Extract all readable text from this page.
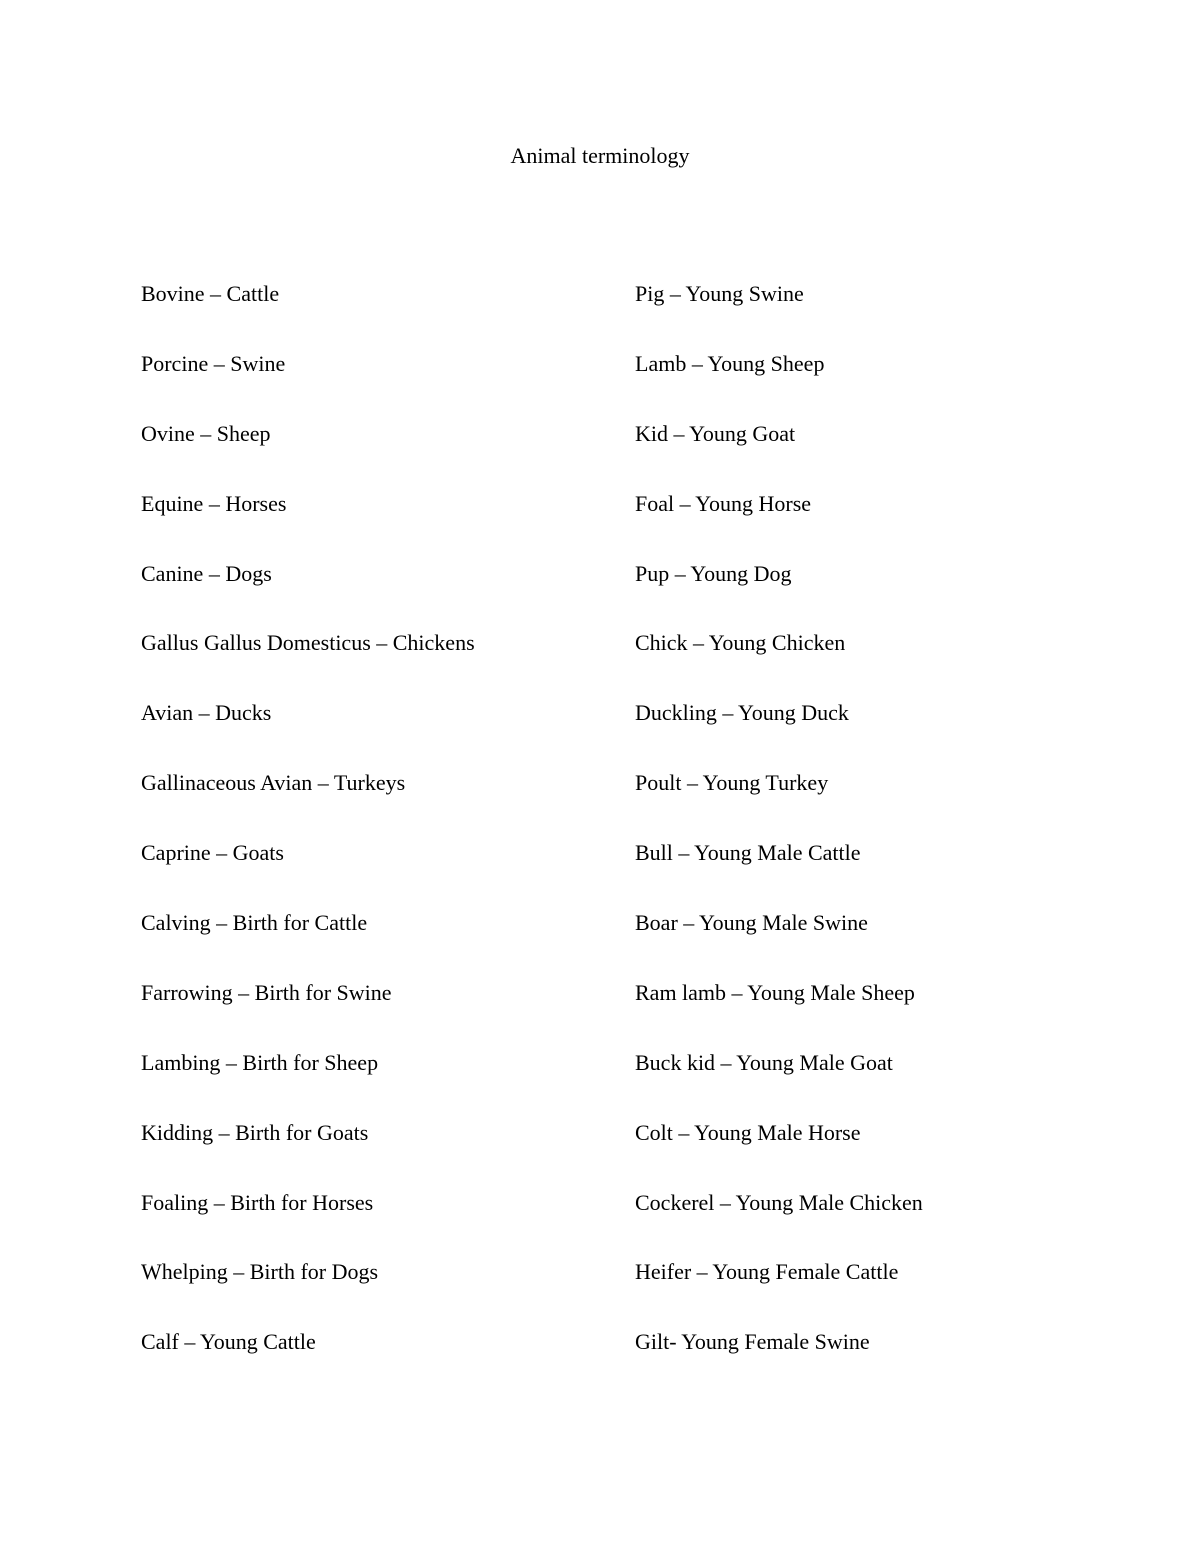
Animal terminology
Bovine – Cattle
Porcine – Swine
Ovine – Sheep
Equine – Horses
Canine – Dogs
Gallus Gallus Domesticus – Chickens
Avian – Ducks
Gallinaceous Avian – Turkeys
Caprine – Goats
Calving – Birth for Cattle
Farrowing – Birth for Swine
Lambing – Birth for Sheep
Kidding – Birth for Goats
Foaling – Birth for Horses
Whelping – Birth for Dogs
Calf – Young Cattle
Pig – Young Swine
Lamb – Young Sheep
Kid – Young Goat
Foal – Young Horse
Pup – Young Dog
Chick – Young Chicken
Duckling – Young Duck
Poult – Young Turkey
Bull – Young Male Cattle
Boar – Young Male Swine
Ram lamb – Young Male Sheep
Buck kid – Young Male Goat
Colt – Young Male Horse
Cockerel – Young Male Chicken
Heifer – Young Female Cattle
Gilt- Young Female Swine
